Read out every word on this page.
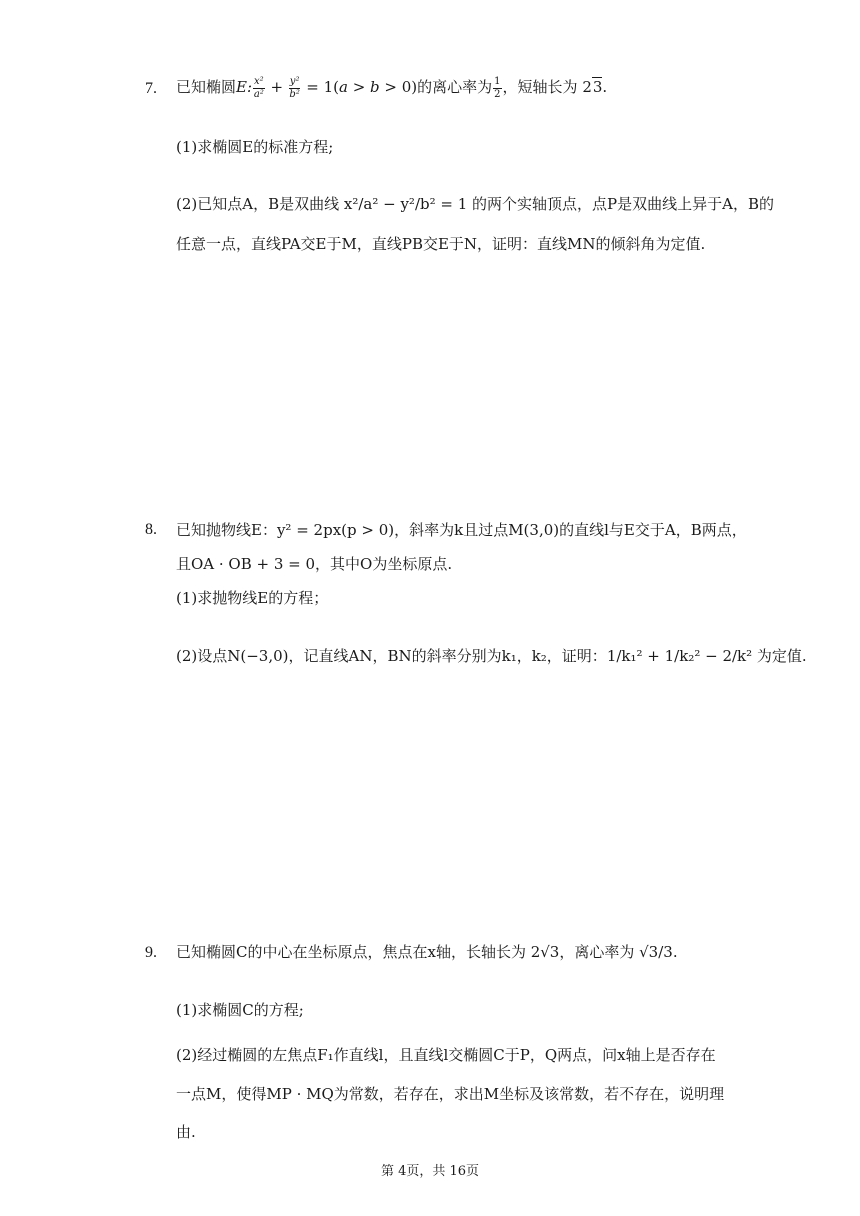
7. 已知椭圆E: $\frac{\text{x²}}{\text{a²}} + \frac{\text{y²}}{\text{b²}} = 1(a > b > 0)$的离心率为 $\frac{1}{2}$ ，短轴长为 23.
(1)求椭圆E的标准方程;
(2)已知点A，B是双曲线 x²/a² − y²/b² = 1 的两个实轴顶点，点P是双曲线上异于A，B的
任意一点，直线PA交E于M，直线PB交E于N，证明：直线MN的倾斜角为定值.
8. 已知抛物线E：y² = 2px(p > 0)，斜率为k且过点M(3,0)的直线l与E交于A，B两点，
且OA · OB + 3 = 0，其中O为坐标原点.
(1)求抛物线E的方程；
(2)设点N(−3,0)，记直线AN，BN的斜率分别为k₁，k₂，证明：1/k₁² + 1/k₂² − 2/k² 为定值.
9. 已知椭圆C的中心在坐标原点，焦点在x轴，长轴长为 2√3，离心率为 √3/3.
(1)求椭圆C的方程;
(2)经过椭圆的左焦点F₁作直线l，且直线l交椭圆C于P，Q两点，问x轴上是否存在
一点M，使得MP · MQ为常数，若存在，求出M坐标及该常数，若不存在，说明理
由.
第 4页，共 16页
